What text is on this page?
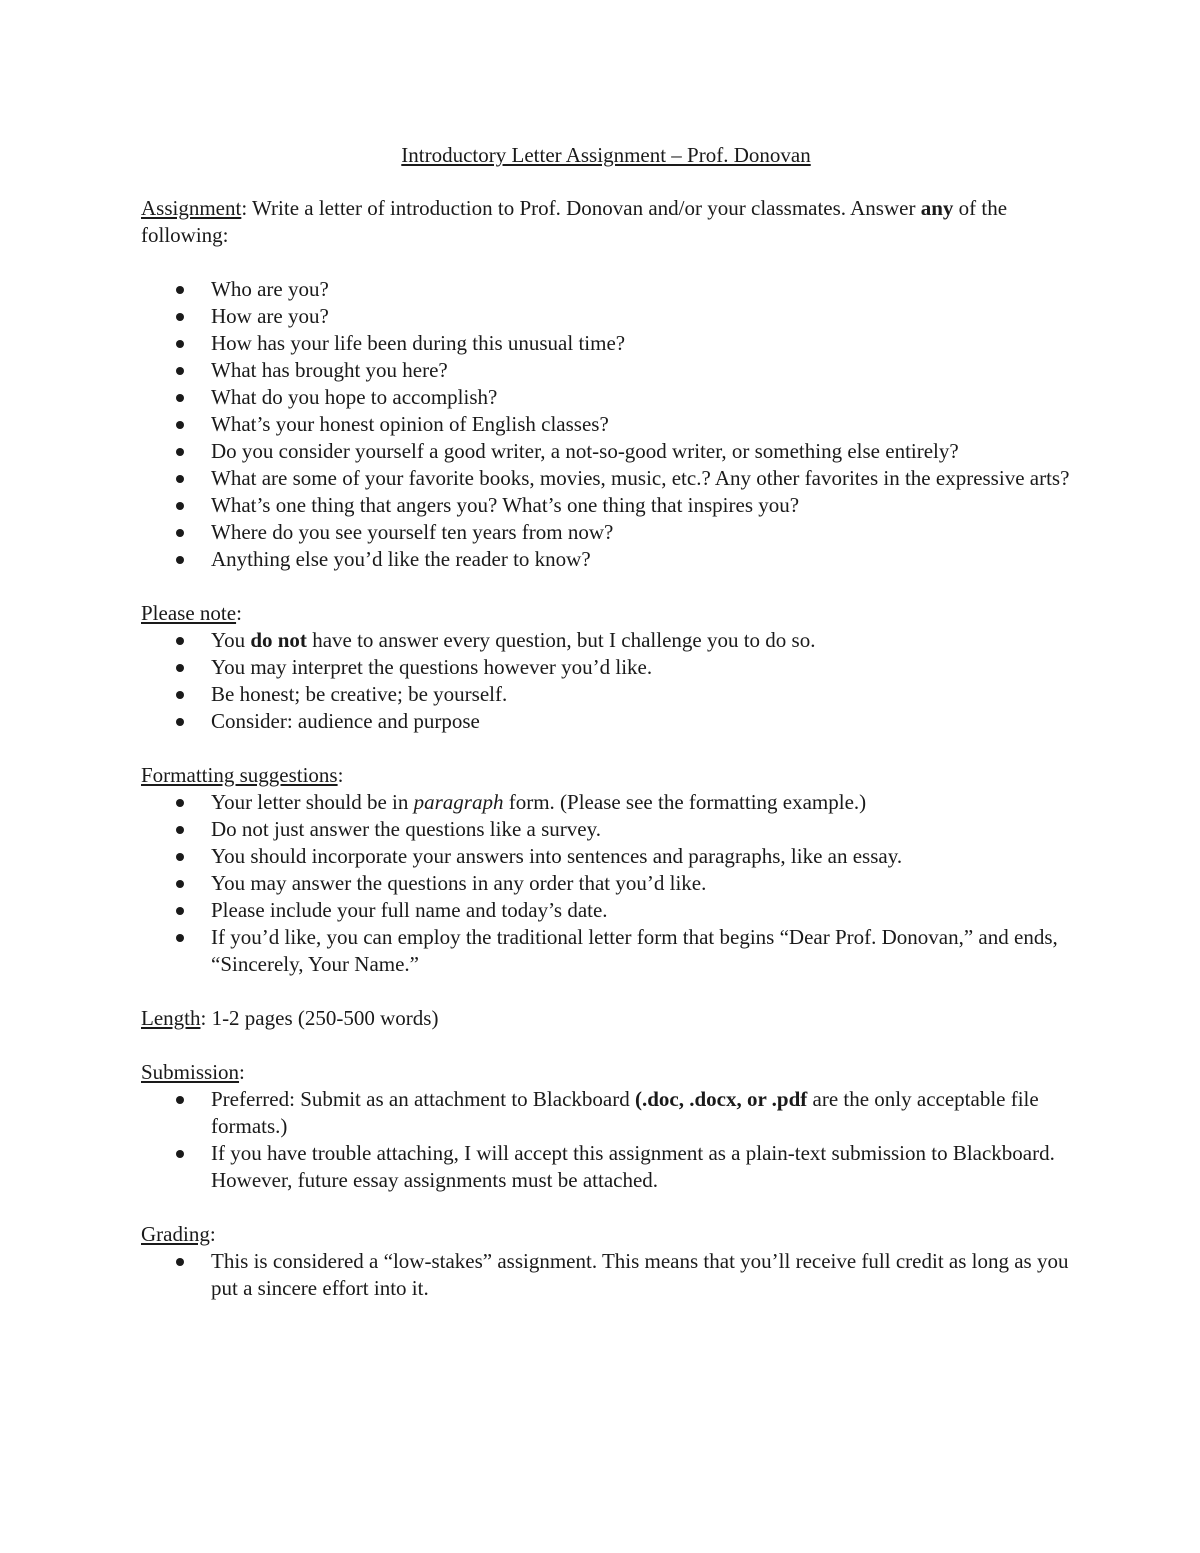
Introductory Letter Assignment – Prof. Donovan

Assignment: Write a letter of introduction to Prof. Donovan and/or your classmates. Answer any of the following:

Who are you?
How are you?
How has your life been during this unusual time?
What has brought you here?
What do you hope to accomplish?
What’s your honest opinion of English classes?
Do you consider yourself a good writer, a not-so-good writer, or something else entirely?
What are some of your favorite books, movies, music, etc.? Any other favorites in the expressive arts?
What’s one thing that angers you? What’s one thing that inspires you?
Where do you see yourself ten years from now?
Anything else you’d like the reader to know?

Please note:

You do not have to answer every question, but I challenge you to do so.
You may interpret the questions however you’d like.
Be honest; be creative; be yourself.
Consider: audience and purpose

Formatting suggestions:

Your letter should be in paragraph form. (Please see the formatting example.)
Do not just answer the questions like a survey.
You should incorporate your answers into sentences and paragraphs, like an essay.
You may answer the questions in any order that you’d like.
Please include your full name and today’s date.
If you’d like, you can employ the traditional letter form that begins “Dear Prof. Donovan,” and ends, “Sincerely, Your Name.”

Length: 1-2 pages (250-500 words)

Submission:

Preferred: Submit as an attachment to Blackboard (.doc, .docx, or .pdf are the only acceptable file formats.)
If you have trouble attaching, I will accept this assignment as a plain-text submission to Blackboard. However, future essay assignments must be attached.

Grading:

This is considered a “low-stakes” assignment. This means that you’ll receive full credit as long as you put a sincere effort into it.
